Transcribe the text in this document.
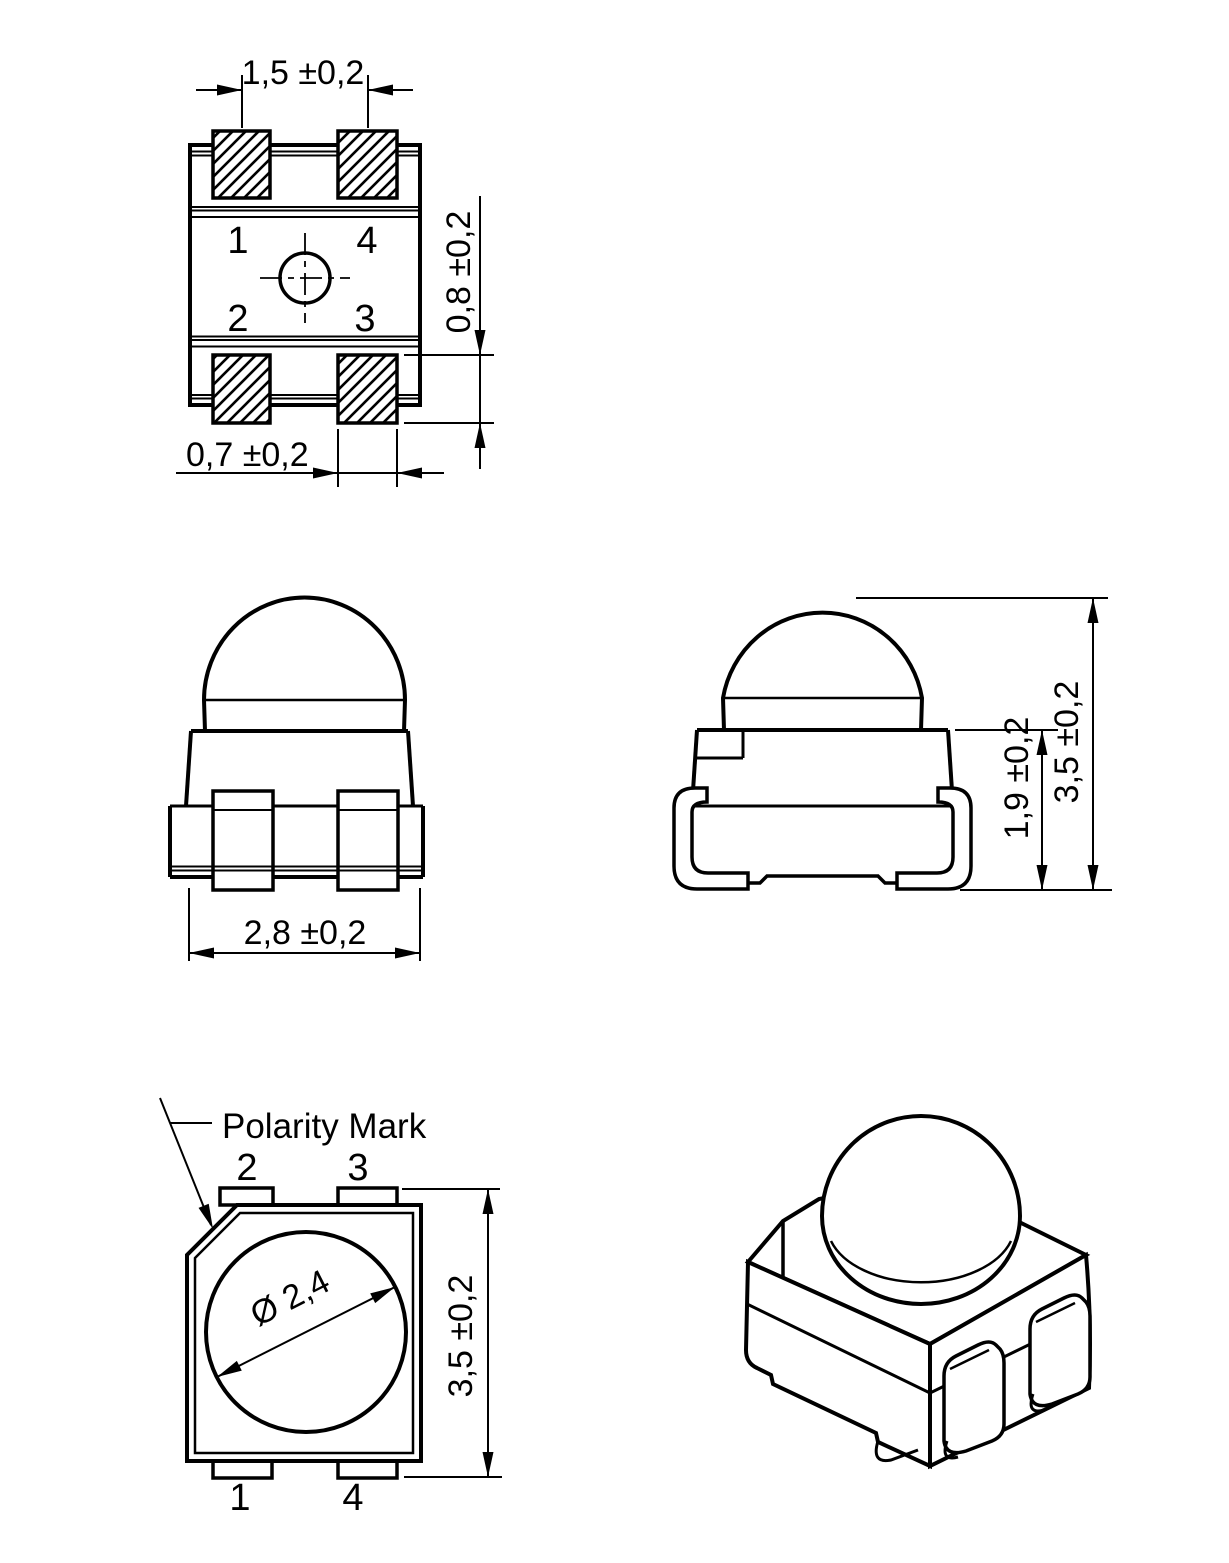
1	4
2	3
1,5 ±0,2
0,8 ±0,2
0,7 ±0,2
2,8 ±0,2
1,9 ±0,2 3,5 ±0,2
Ø 2,4
2 3
1 4
Polarity Mark
3,5 ±0,2
